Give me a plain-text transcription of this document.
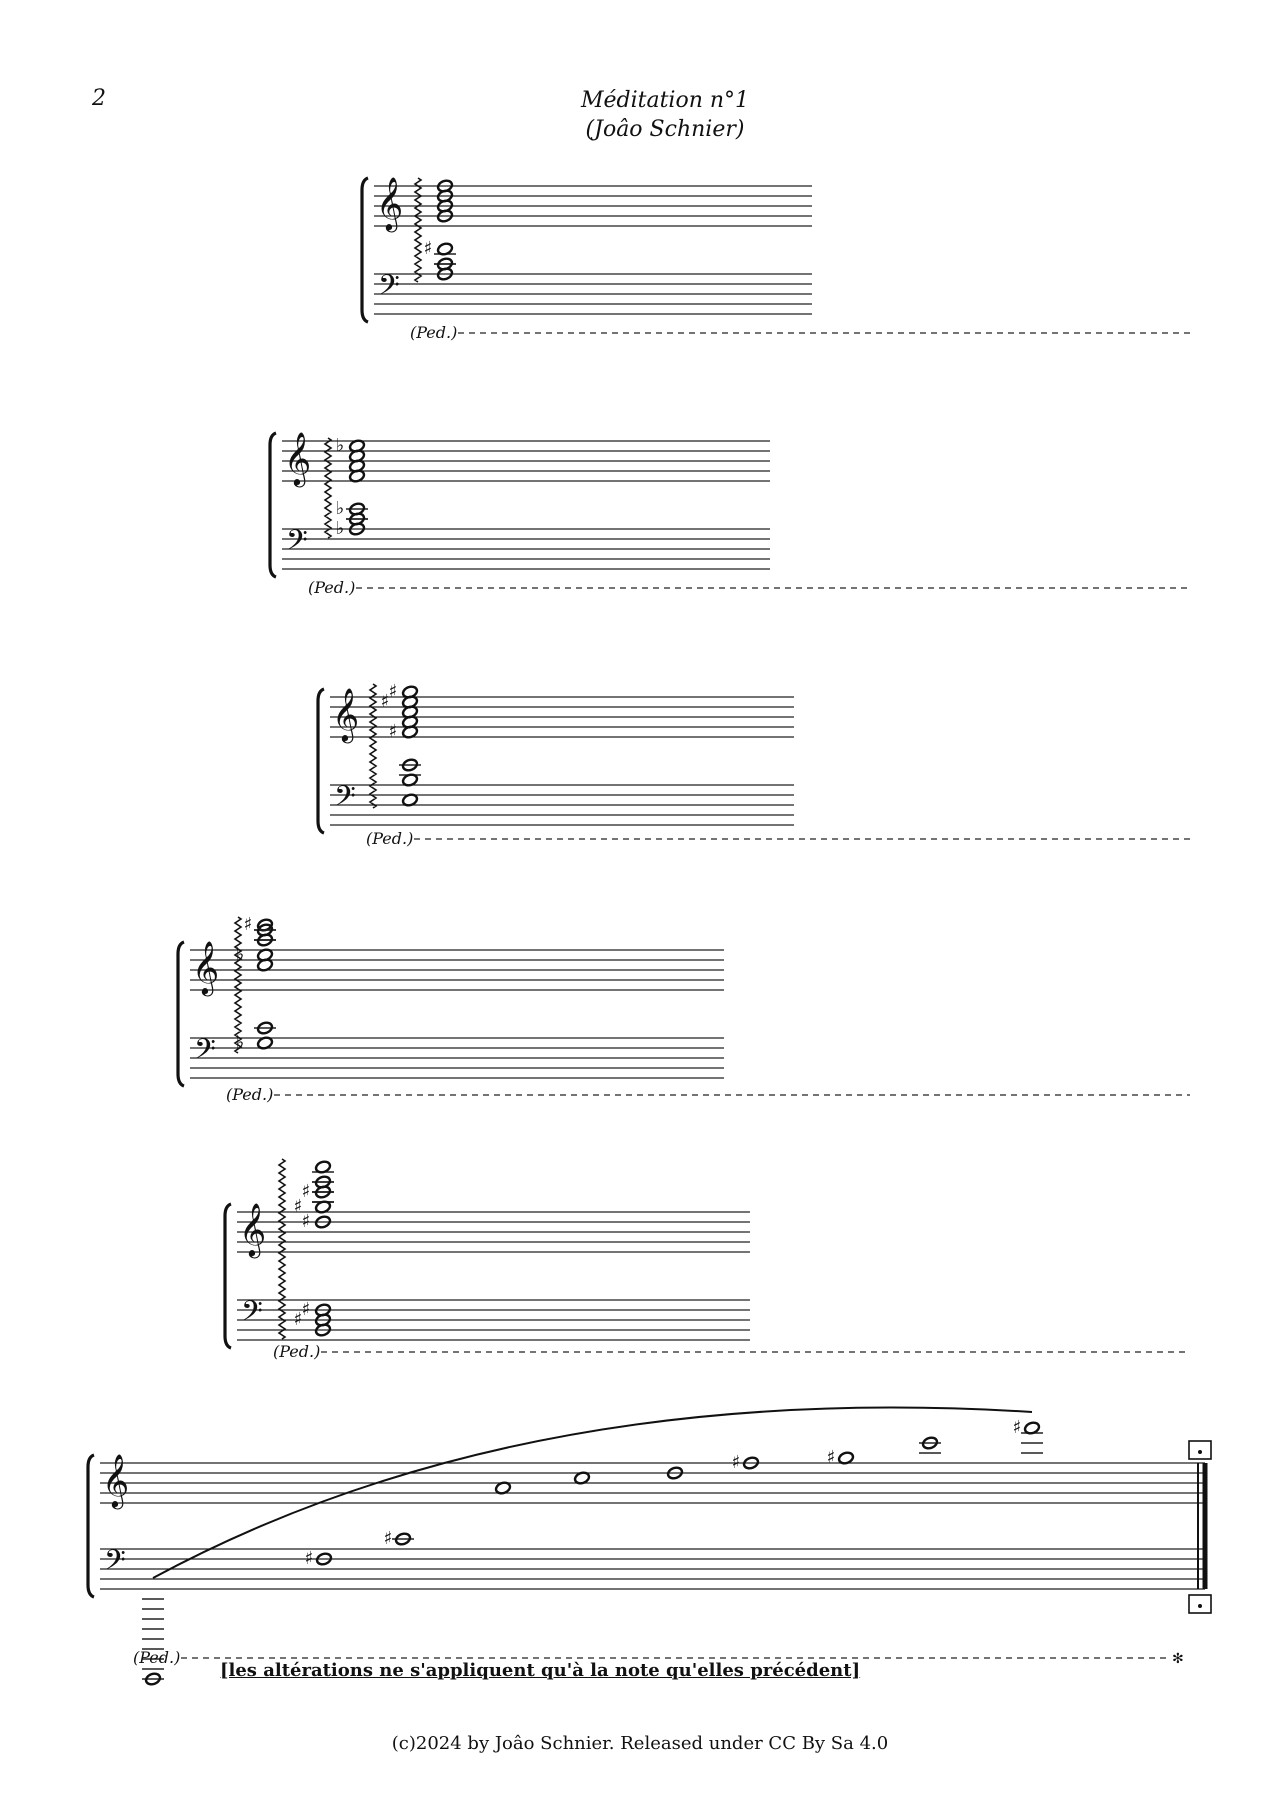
2	Méditation n°1
(Joâo Schnier)
𝄞
𝄢
♯
(Ped.)
𝄞
𝄢
♭
♭
♭
(Ped.)
𝄞
𝄢
♯
♯
♯
(Ped.)
𝄞
𝄢
♯
♭
♭
(Ped.)
𝄞
𝄢
♯
♯
♯
♯
♯
(Ped.)
𝄞
𝄢	♯
♯
♯	♯
♯
(Ped.)	✻
[les altérations ne s'appliquent qu'à la note qu'elles précédent]
(c)2024 by Joâo Schnier. Released under CC By Sa 4.0
